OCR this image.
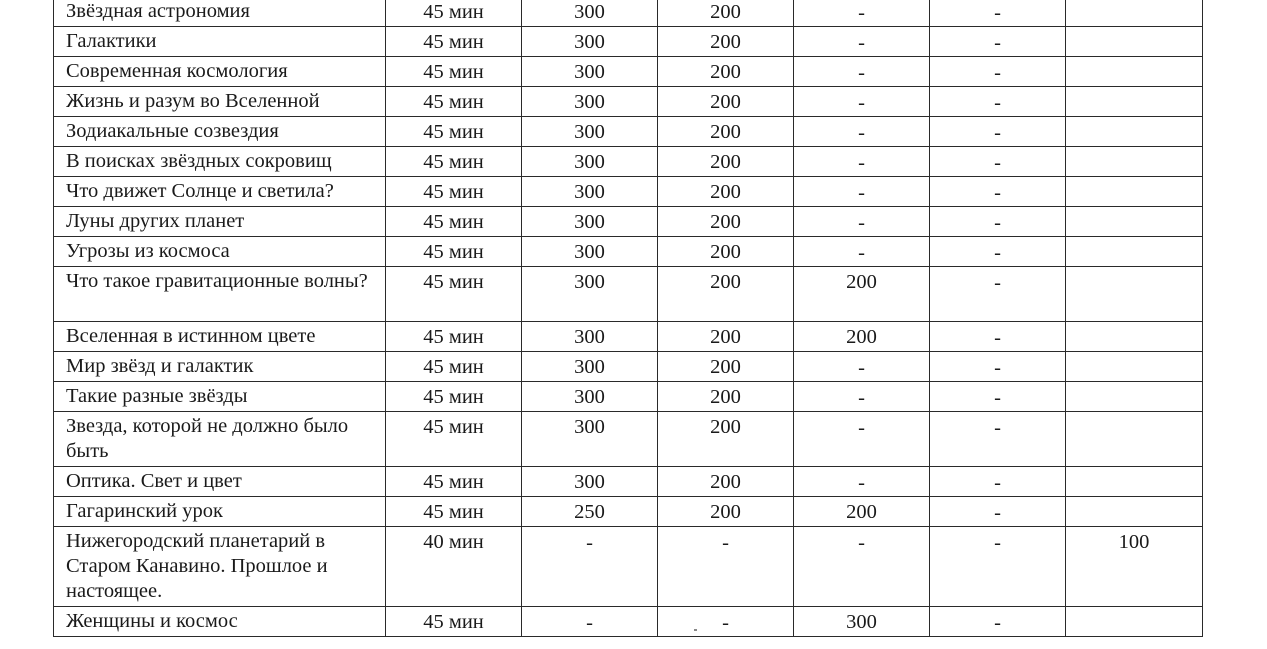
Звёздная астрономия	45 мин	300	200	-	-	
Галактики	45 мин	300	200	-	-	
Современная космология	45 мин	300	200	-	-	
Жизнь и разум во Вселенной	45 мин	300	200	-	-	
Зодиакальные созвездия	45 мин	300	200	-	-	
В поисках звёздных сокровищ	45 мин	300	200	-	-	
Что движет Солнце и светила?	45 мин	300	200	-	-	
Луны других планет	45 мин	300	200	-	-	
Угрозы из космоса	45 мин	300	200	-	-	
Что такое гравитационные волны?	45 мин	300	200	200	-	
Вселенная в истинном цвете	45 мин	300	200	200	-	
Мир звёзд и галактик	45 мин	300	200	-	-	
Такие разные звёзды	45 мин	300	200	-	-	
Звезда, которой не должно было быть	45 мин	300	200	-	-	
Оптика. Свет и цвет	45 мин	300	200	-	-	
Гагаринский урок	45 мин	250	200	200	-	
Нижегородский планетарий в Старом Канавино. Прошлое и настоящее.	40 мин	-	-	-	-	100
Женщины и космос	45 мин	-	-	300	-	
